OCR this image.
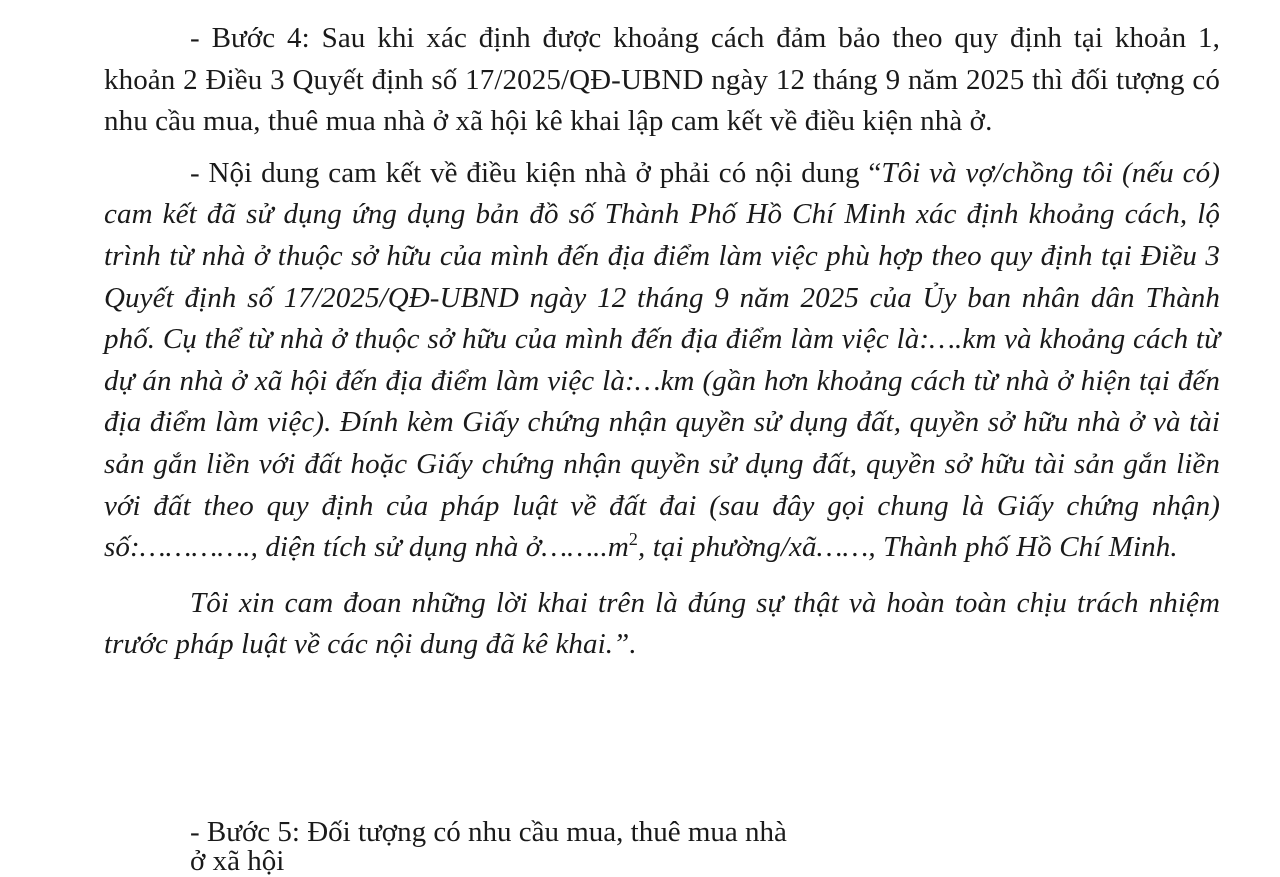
- Bước 4: Sau khi xác định được khoảng cách đảm bảo theo quy định tại khoản 1, khoản 2 Điều 3 Quyết định số 17/2025/QĐ-UBND ngày 12 tháng 9 năm 2025 thì đối tượng có nhu cầu mua, thuê mua nhà ở xã hội kê khai lập cam kết về điều kiện nhà ở.

- Nội dung cam kết về điều kiện nhà ở phải có nội dung “Tôi và vợ/chồng tôi (nếu có) cam kết đã sử dụng ứng dụng bản đồ số Thành Phố Hồ Chí Minh xác định khoảng cách, lộ trình từ nhà ở thuộc sở hữu của mình đến địa điểm làm việc phù hợp theo quy định tại Điều 3 Quyết định số 17/2025/QĐ-UBND ngày 12 tháng 9 năm 2025 của Ủy ban nhân dân Thành phố. Cụ thể từ nhà ở thuộc sở hữu của mình đến địa điểm làm việc là:….km và khoảng cách từ dự án nhà ở xã hội đến địa điểm làm việc là:…km (gần hơn khoảng cách từ nhà ở hiện tại đến địa điểm làm việc). Đính kèm Giấy chứng nhận quyền sử dụng đất, quyền sở hữu nhà ở và tài sản gắn liền với đất hoặc Giấy chứng nhận quyền sử dụng đất, quyền sở hữu tài sản gắn liền với đất theo quy định của pháp luật về đất đai (sau đây gọi chung là Giấy chứng nhận) số:…………., diện tích sử dụng nhà $ở\dots\dots..m^2$, tại phường/xã……, Thành phố Hồ Chí Minh.

Tôi xin cam đoan những lời khai trên là đúng sự thật và hoàn toàn chịu trách nhiệm trước pháp luật về các nội dung đã kê khai.”.

- Bước 5: Đối tượng có nhu cầu mua, thuê mua nhà ở xã hội
